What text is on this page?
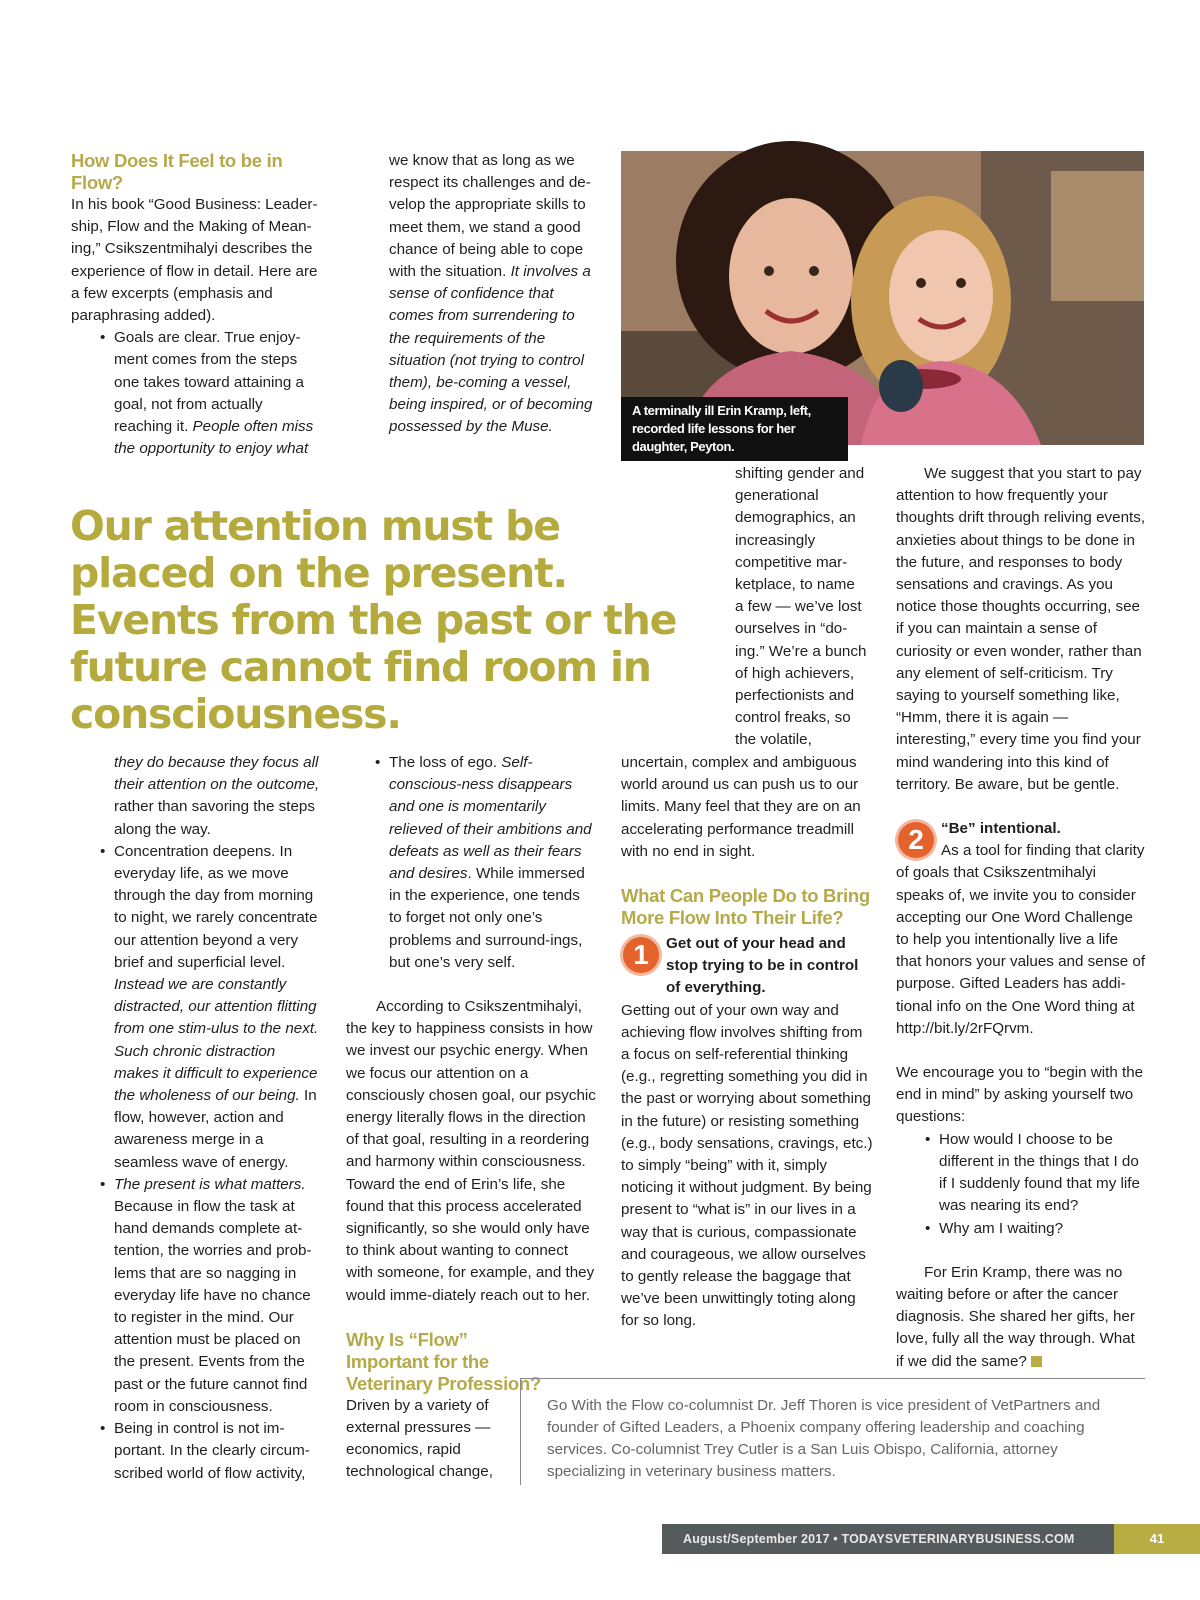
How Does It Feel to be in Flow?

In his book “Good Business: Leader-ship, Flow and the Making of Mean-ing,” Csikszentmihalyi describes the experience of flow in detail. Here are a few excerpts (emphasis and paraphrasing added).

• Goals are clear. True enjoy-ment comes from the steps one takes toward attaining a goal, not from actually reaching it. People often miss the opportunity to enjoy what

we know that as long as we respect its challenges and de-velop the appropriate skills to meet them, we stand a good chance of being able to cope with the situation. It involves a sense of confidence that comes from surrendering to the requirements of the situation (not trying to control them), be-coming a vessel, being inspired, or of becoming possessed by the Muse.

A terminally ill Erin Kramp, left, recorded life lessons for her daughter, Peyton.

Our attention must be placed on the present. Events from the past or the future cannot find room in consciousness.

shifting gender and generational demographics, an increasingly competitive mar-ketplace, to name a few — we’ve lost ourselves in “do-ing.” We’re a bunch of high achievers, perfectionists and control freaks, so the volatile,

uncertain, complex and ambiguous world around us can push us to our limits. Many feel that they are on an accelerating performance treadmill with no end in sight.

What Can People Do to Bring More Flow Into Their Life?

1	Get out of your head and stop trying to be in control of everything.

Getting out of your own way and achieving flow involves shifting from a focus on self-referential thinking (e.g., regretting something you did in the past or worrying about something in the future) or resisting something (e.g., body sensations, cravings, etc.) to simply “being” with it, simply noticing it without judgment. By being present to “what is” in our lives in a way that is curious, compassionate and courageous, we allow ourselves to gently release the baggage that we’ve been unwittingly toting along for so long.

We suggest that you start to pay attention to how frequently your thoughts drift through reliving events, anxieties about things to be done in the future, and responses to body sensations and cravings. As you notice those thoughts occurring, see if you can maintain a sense of curiosity or even wonder, rather than any element of self-criticism. Try saying to yourself something like, “Hmm, there it is again — interesting,” every time you find your mind wandering into this kind of territory. Be aware, but be gentle.

2	“Be” intentional.

As a tool for finding that clarity of goals that Csikszentmihalyi speaks of, we invite you to consider accepting our One Word Challenge to help you intentionally live a life that honors your values and sense of purpose. Gifted Leaders has addi-tional info on the One Word thing at http://bit.ly/2rFQrvm.

We encourage you to “begin with the end in mind” by asking yourself two questions:

• How would I choose to be different in the things that I do if I suddenly found that my life was nearing its end?
• Why am I waiting?

For Erin Kramp, there was no waiting before or after the cancer diagnosis. She shared her gifts, her love, fully all the way through. What if we did the same?

they do because they focus all their attention on the outcome, rather than savoring the steps along the way.

• Concentration deepens. In everyday life, as we move through the day from morning to night, we rarely concentrate our attention beyond a very brief and superficial level. Instead we are constantly distracted, our attention flitting from one stim-ulus to the next. Such chronic distraction makes it difficult to experience the wholeness of our being. In flow, however, action and awareness merge in a seamless wave of energy.
• The present is what matters. Because in flow the task at hand demands complete at-tention, the worries and prob-lems that are so nagging in everyday life have no chance to register in the mind. Our attention must be placed on the present. Events from the past or the future cannot find room in consciousness.
• Being in control is not im-portant. In the clearly circum-scribed world of flow activity,
• The loss of ego. Self-conscious-ness disappears and one is momentarily relieved of their ambitions and defeats as well as their fears and desires. While immersed in the experience, one tends to forget not only one’s problems and surround-ings, but one’s very self.

According to Csikszentmihalyi, the key to happiness consists in how we invest our psychic energy. When we focus our attention on a consciously chosen goal, our psychic energy literally flows in the direction of that goal, resulting in a reordering and harmony within consciousness. Toward the end of Erin’s life, she found that this process accelerated significantly, so she would only have to think about wanting to connect with someone, for example, and they would imme-diately reach out to her.

Why Is “Flow” Important for the Veterinary Profession?

Driven by a variety of external pressures — economics, rapid technological change,

Go With the Flow co-columnist Dr. Jeff Thoren is vice president of VetPartners and founder of Gifted Leaders, a Phoenix company offering leadership and coaching services. Co-columnist Trey Cutler is a San Luis Obispo, California, attorney specializing in veterinary business matters.

August/September 2017 • TODAYSVETERINARYBUSINESS.COM	41
